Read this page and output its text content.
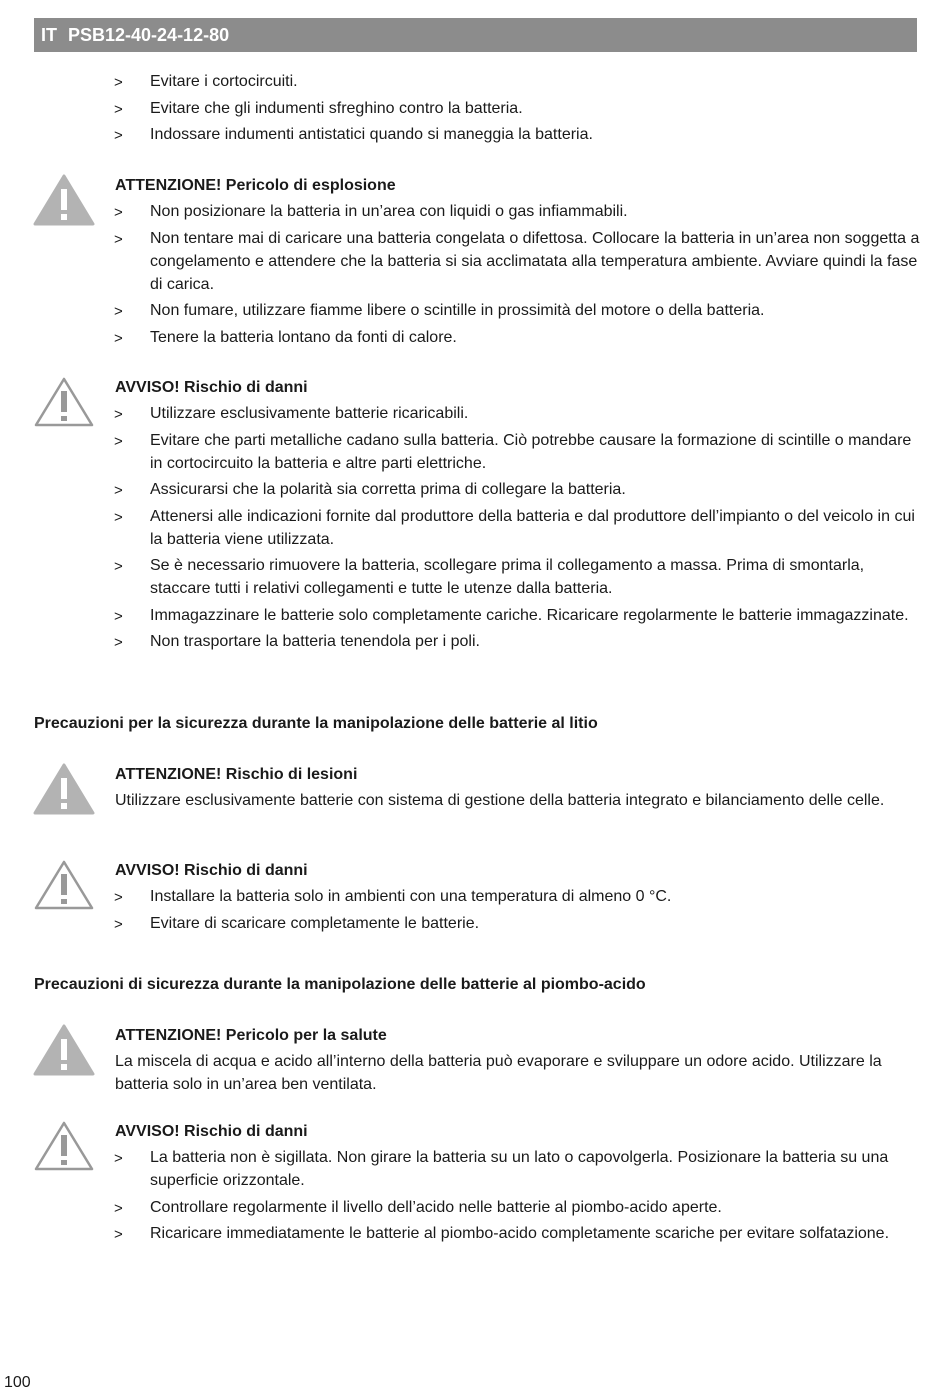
IT PSB12-40-24-12-80
> Evitare i cortocircuiti.
> Evitare che gli indumenti sfreghino contro la batteria.
> Indossare indumenti antistatici quando si maneggia la batteria.
ATTENZIONE! Pericolo di esplosione
> Non posizionare la batteria in un’area con liquidi o gas infiammabili.
> Non tentare mai di caricare una batteria congelata o difettosa. Collocare la batteria in un’area non soggetta a congelamento e attendere che la batteria si sia acclimatata alla temperatura ambiente. Avviare quindi la fase di carica.
> Non fumare, utilizzare fiamme libere o scintille in prossimità del motore o della batteria.
> Tenere la batteria lontano da fonti di calore.
AVVISO! Rischio di danni
> Utilizzare esclusivamente batterie ricaricabili.
> Evitare che parti metalliche cadano sulla batteria. Ciò potrebbe causare la formazione di scintille o mandare in cortocircuito la batteria e altre parti elettriche.
> Assicurarsi che la polarità sia corretta prima di collegare la batteria.
> Attenersi alle indicazioni fornite dal produttore della batteria e dal produttore dell’impianto o del veicolo in cui la batteria viene utilizzata.
> Se è necessario rimuovere la batteria, scollegare prima il collegamento a massa. Prima di smontarla, staccare tutti i relativi collegamenti e tutte le utenze dalla batteria.
> Immagazzinare le batterie solo completamente cariche. Ricaricare regolarmente le batterie immagazzinate.
> Non trasportare la batteria tenendola per i poli.
Precauzioni per la sicurezza durante la manipolazione delle batterie al litio
ATTENZIONE! Rischio di lesioni
Utilizzare esclusivamente batterie con sistema di gestione della batteria integrato e bilanciamento delle celle.
AVVISO! Rischio di danni
> Installare la batteria solo in ambienti con una temperatura di almeno 0 °C.
> Evitare di scaricare completamente le batterie.
Precauzioni di sicurezza durante la manipolazione delle batterie al piombo-acido
ATTENZIONE! Pericolo per la salute
La miscela di acqua e acido all’interno della batteria può evaporare e sviluppare un odore acido. Utilizzare la batteria solo in un’area ben ventilata.
AVVISO! Rischio di danni
> La batteria non è sigillata. Non girare la batteria su un lato o capovolgerla. Posizionare la batteria su una superficie orizzontale.
> Controllare regolarmente il livello dell’acido nelle batterie al piombo-acido aperte.
> Ricaricare immediatamente le batterie al piombo-acido completamente scariche per evitare solfatazione.
100
